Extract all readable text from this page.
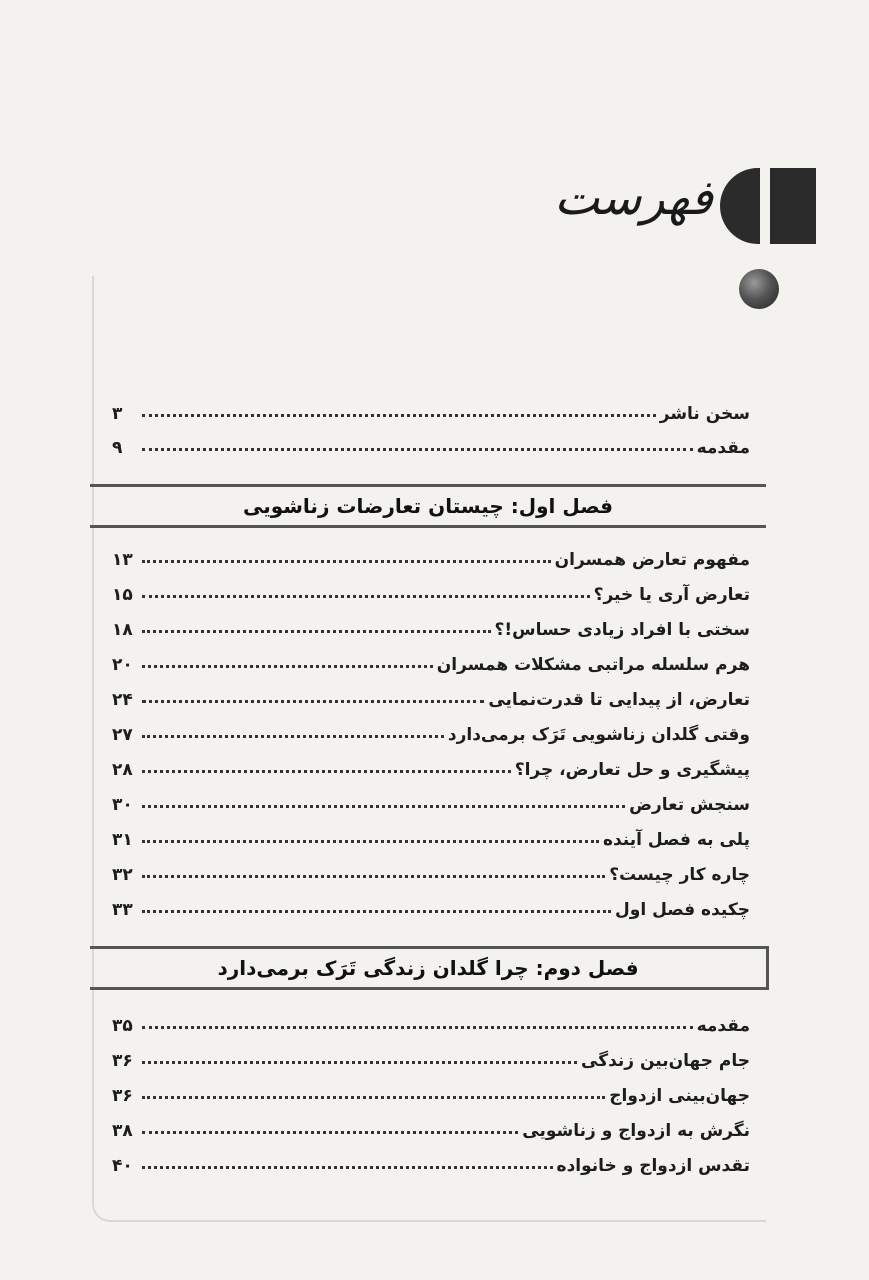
فهرست
سخن ناشر
۳
مقدمه
۹
فصل اول: چیستان تعارضات زناشویی
مفهوم تعارض همسران
۱۳
تعارض آری یا خیر؟
۱۵
سختی با افراد زیادی حساس!؟
۱۸
هرم سلسله مراتبی مشکلات همسران
۲۰
تعارض، از پیدایی تا قدرت‌نمایی
۲۴
وقتی گلدان زناشویی تَرَک برمی‌دارد
۲۷
پیشگیری و حل تعارض، چرا؟
۲۸
سنجش تعارض
۳۰
پلی به فصل آینده
۳۱
چاره کار چیست؟
۳۲
چکیده فصل اول
۳۳
فصل دوم: چرا گلدان زندگی تَرَک برمی‌دارد
مقدمه
۳۵
جام جهان‌بین زندگی
۳۶
جهان‌بینی ازدواج
۳۶
نگرش به ازدواج و زناشویی
۳۸
تقدس ازدواج و خانواده
۴۰
